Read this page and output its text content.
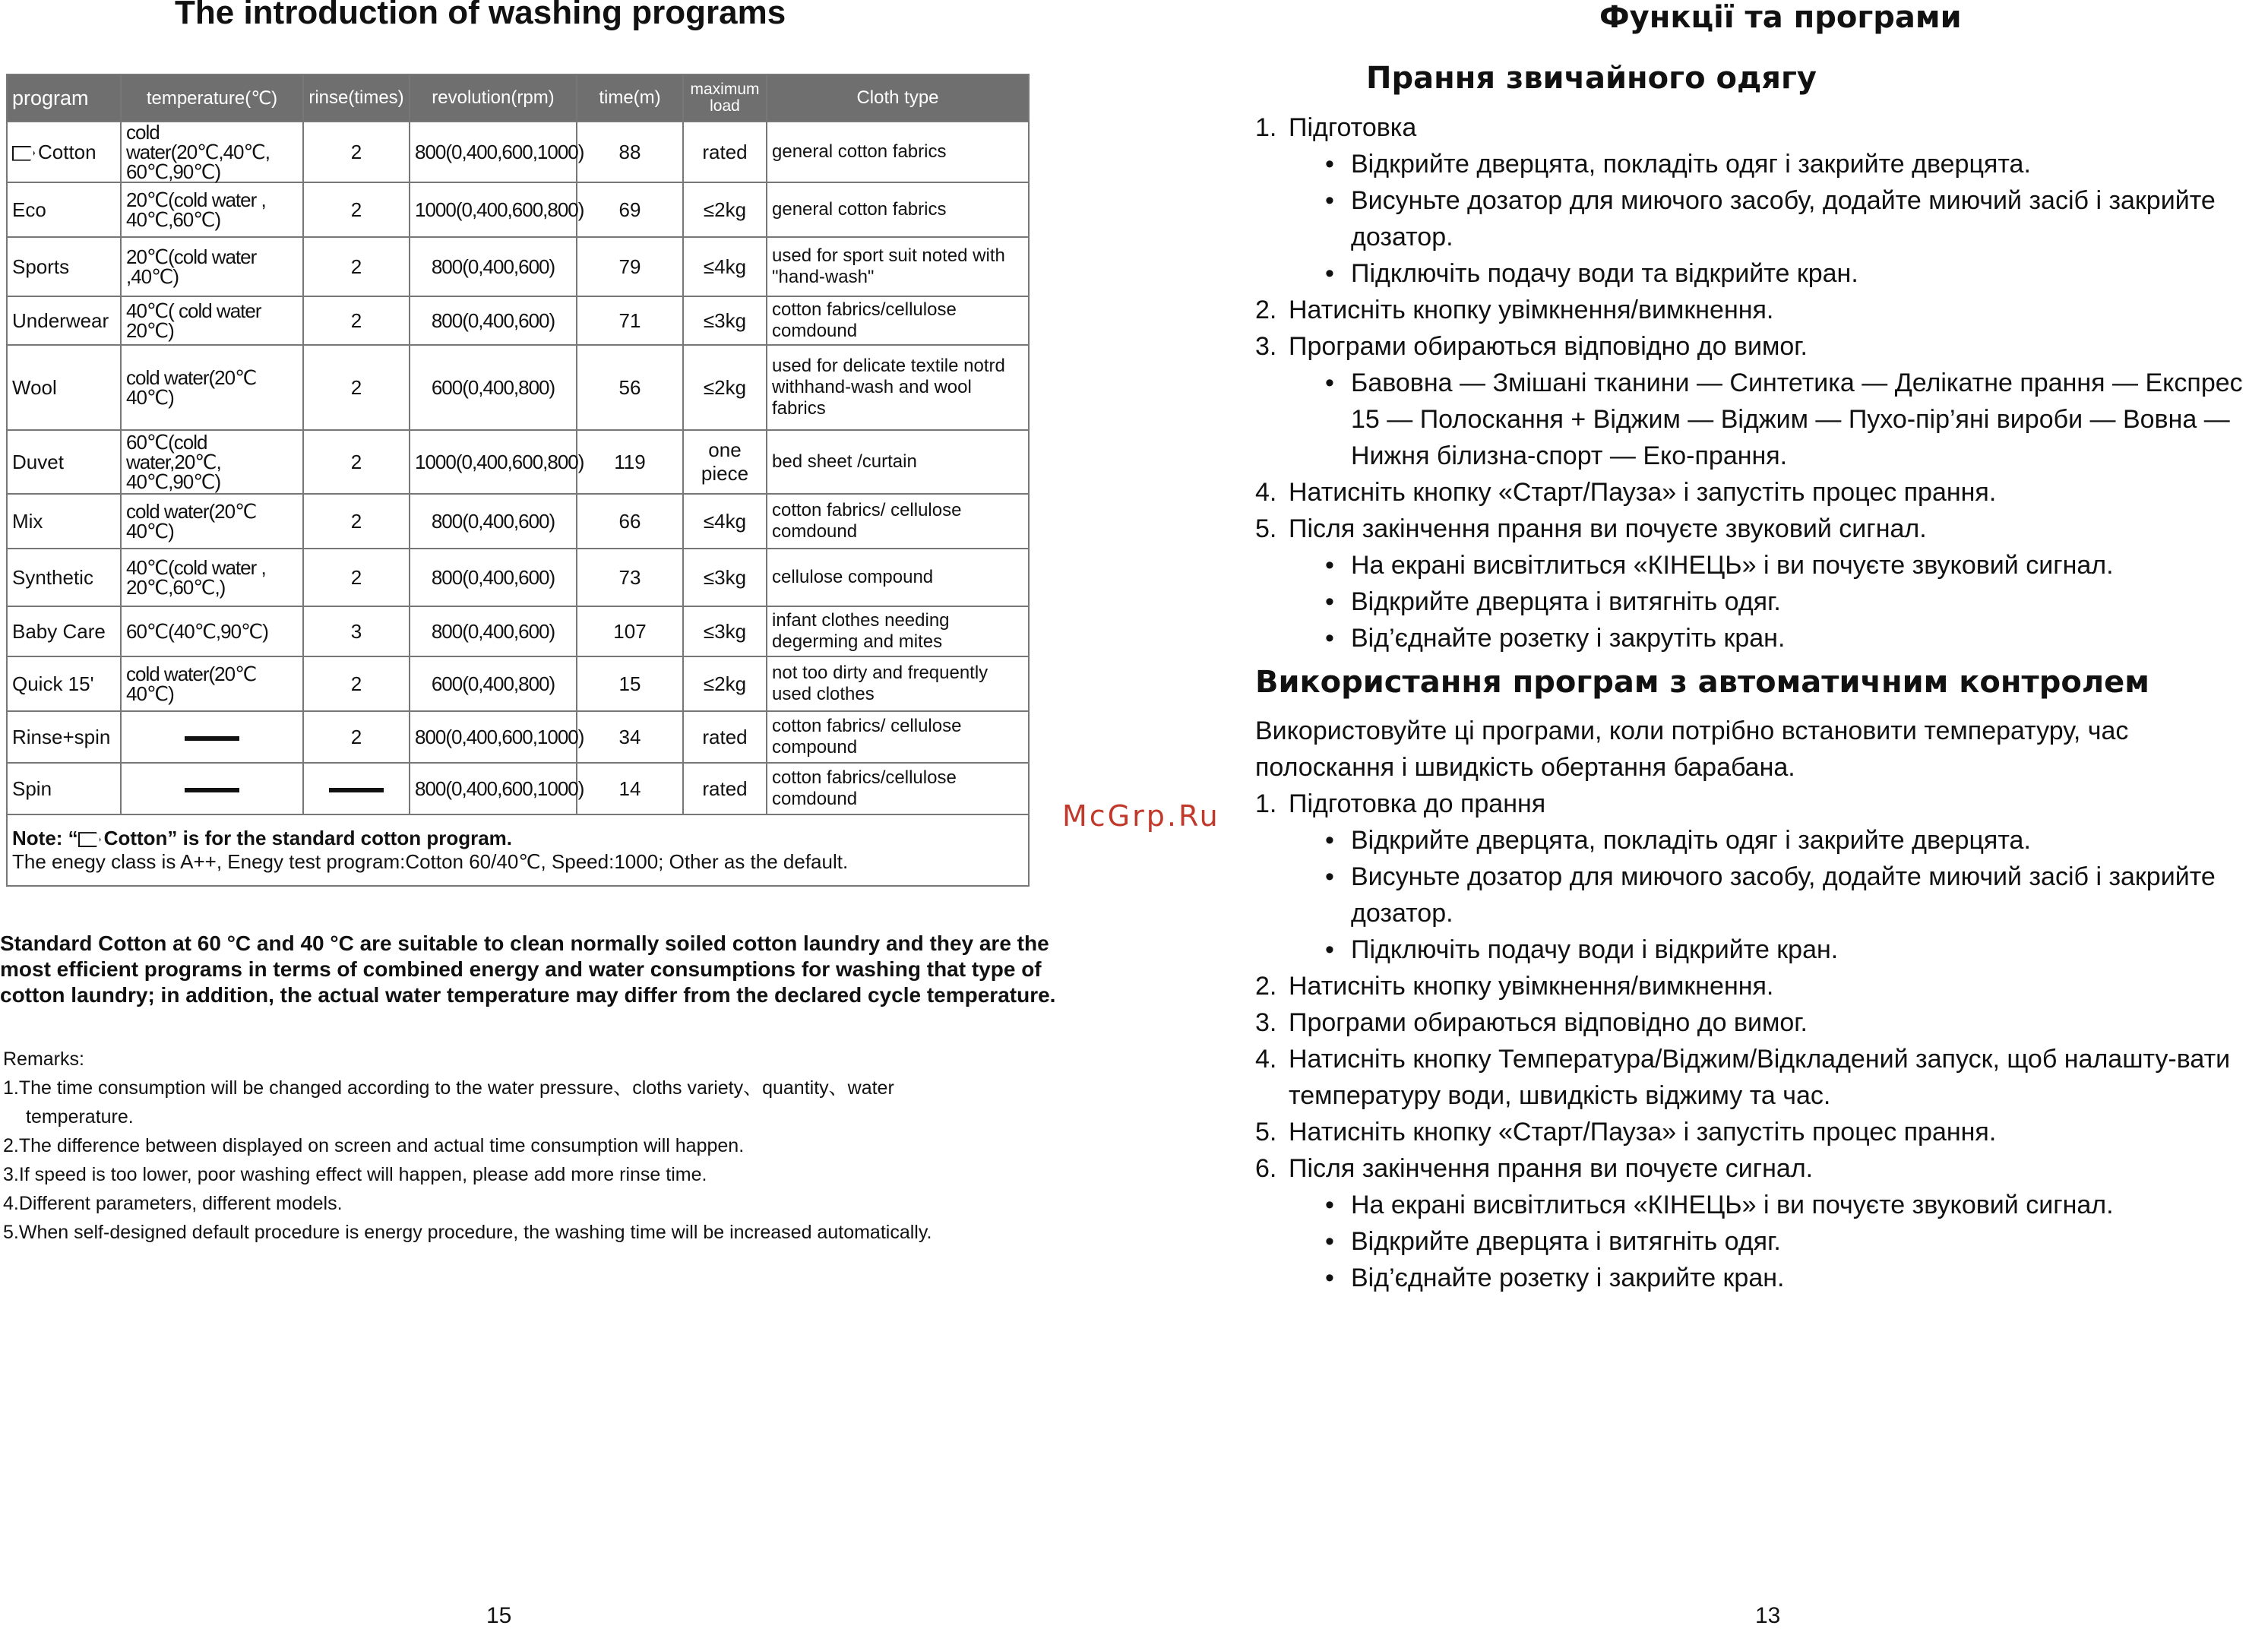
The introduction of washing programs
program	temperature(℃)	rinse(times)	revolution(rpm)	time(m)	maximum load	Cloth type
Cotton	cold water(20℃,40℃, 60℃,90℃)	2	800(0,400,600,1000)	88	rated	general cotton fabrics
Eco	20℃(cold water , 40℃,60℃)	2	1000(0,400,600,800)	69	≤2kg	general cotton fabrics
Sports	20℃(cold water ,40℃)	2	800(0,400,600)	79	≤4kg	used for sport suit noted with "hand-wash"
Underwear	40℃( cold water 20℃)	2	800(0,400,600)	71	≤3kg	cotton fabrics/cellulose comdound
Wool	cold water(20℃ 40℃)	2	600(0,400,800)	56	≤2kg	used for delicate textile notrd withhand-wash and wool fabrics
Duvet	60℃(cold water,20℃, 40℃,90℃)	2	1000(0,400,600,800)	119	one piece	bed sheet /curtain
Mix	cold water(20℃ 40℃)	2	800(0,400,600)	66	≤4kg	cotton fabrics/ cellulose comdound
Synthetic	40℃(cold water , 20℃,60℃,)	2	800(0,400,600)	73	≤3kg	cellulose compound
Baby Care	60℃(40℃,90℃)	3	800(0,400,600)	107	≤3kg	infant clothes needing degerming and mites
Quick 15'	cold water(20℃ 40℃)	2	600(0,400,800)	15	≤2kg	not too dirty and frequently used clothes
Rinse+spin		2	800(0,400,600,1000)	34	rated	cotton fabrics/ cellulose compound
Spin			800(0,400,600,1000)	14	rated	cotton fabrics/cellulose comdound

Note: “ Cotton” is for the standard cotton program.
The enegy class is A++, Enegy test program:Cotton 60/40℃, Speed:1000; Other as the default.						
Standard Cotton at 60 °C and 40 °C are suitable to clean normally soiled cotton laundry and they are the most efficient programs in terms of combined energy and water consumptions for washing that type of cotton laundry; in addition, the actual water temperature may differ from the declared cycle temperature.
Remarks:
1.The time consumption will be changed according to the water pressure、cloths variety、quantity、water
temperature.
2.The difference between displayed on screen and actual time consumption will happen.
3.If speed is too lower, poor washing effect will happen, please add more rinse time.
4.Different parameters, different models.
5.When self-designed default procedure is energy procedure, the washing time will be increased automatically.
15
McGrp.Ru
Функції та програми
Прання звичайного одягу
1. Підготовка
• Відкрийте дверцята, покладіть одяг і закрийте дверцята.
• Висуньте дозатор для миючого засобу, додайте миючий засіб і закрийте дозатор.
• Підключіть подачу води та відкрийте кран.
2. Натисніть кнопку увімкнення/вимкнення.
3. Програми обираються відповідно до вимог.
• Бавовна — Змішані тканини — Синтетика — Делікатне прання — Експрес 15 — Полоскання + Віджим — Віджим — Пухо-пір’яні вироби — Вовна — Нижня білизна-спорт — Еко-прання.
4. Натисніть кнопку «Старт/Пауза» і запустіть процес прання.
5. Після закінчення прання ви почуєте звуковий сигнал.
• На екрані висвітлиться «КІНЕЦЬ» і ви почуєте звуковий сигнал.
• Відкрийте дверцята і витягніть одяг.
• Від’єднайте розетку і закрутіть кран.
Використання програм з автоматичним контролем
Використовуйте ці програми, коли потрібно встановити температуру, час полоскання і швидкість обертання барабана.
1. Підготовка до прання
• Відкрийте дверцята, покладіть одяг і закрийте дверцята.
• Висуньте дозатор для миючого засобу, додайте миючий засіб і закрийте дозатор.
• Підключіть подачу води і відкрийте кран.
2. Натисніть кнопку увімкнення/вимкнення.
3. Програми обираються відповідно до вимог.
4. Натисніть кнопку Температура/Віджим/Відкладений запуск, щоб налашту-вати температуру води, швидкість віджиму та час.
5. Натисніть кнопку «Старт/Пауза» і запустіть процес прання.
6. Після закінчення прання ви почуєте сигнал.
• На екрані висвітлиться «КІНЕЦЬ» і ви почуєте звуковий сигнал.
• Відкрийте дверцята і витягніть одяг.
• Від’єднайте розетку і закрийте кран.
13
